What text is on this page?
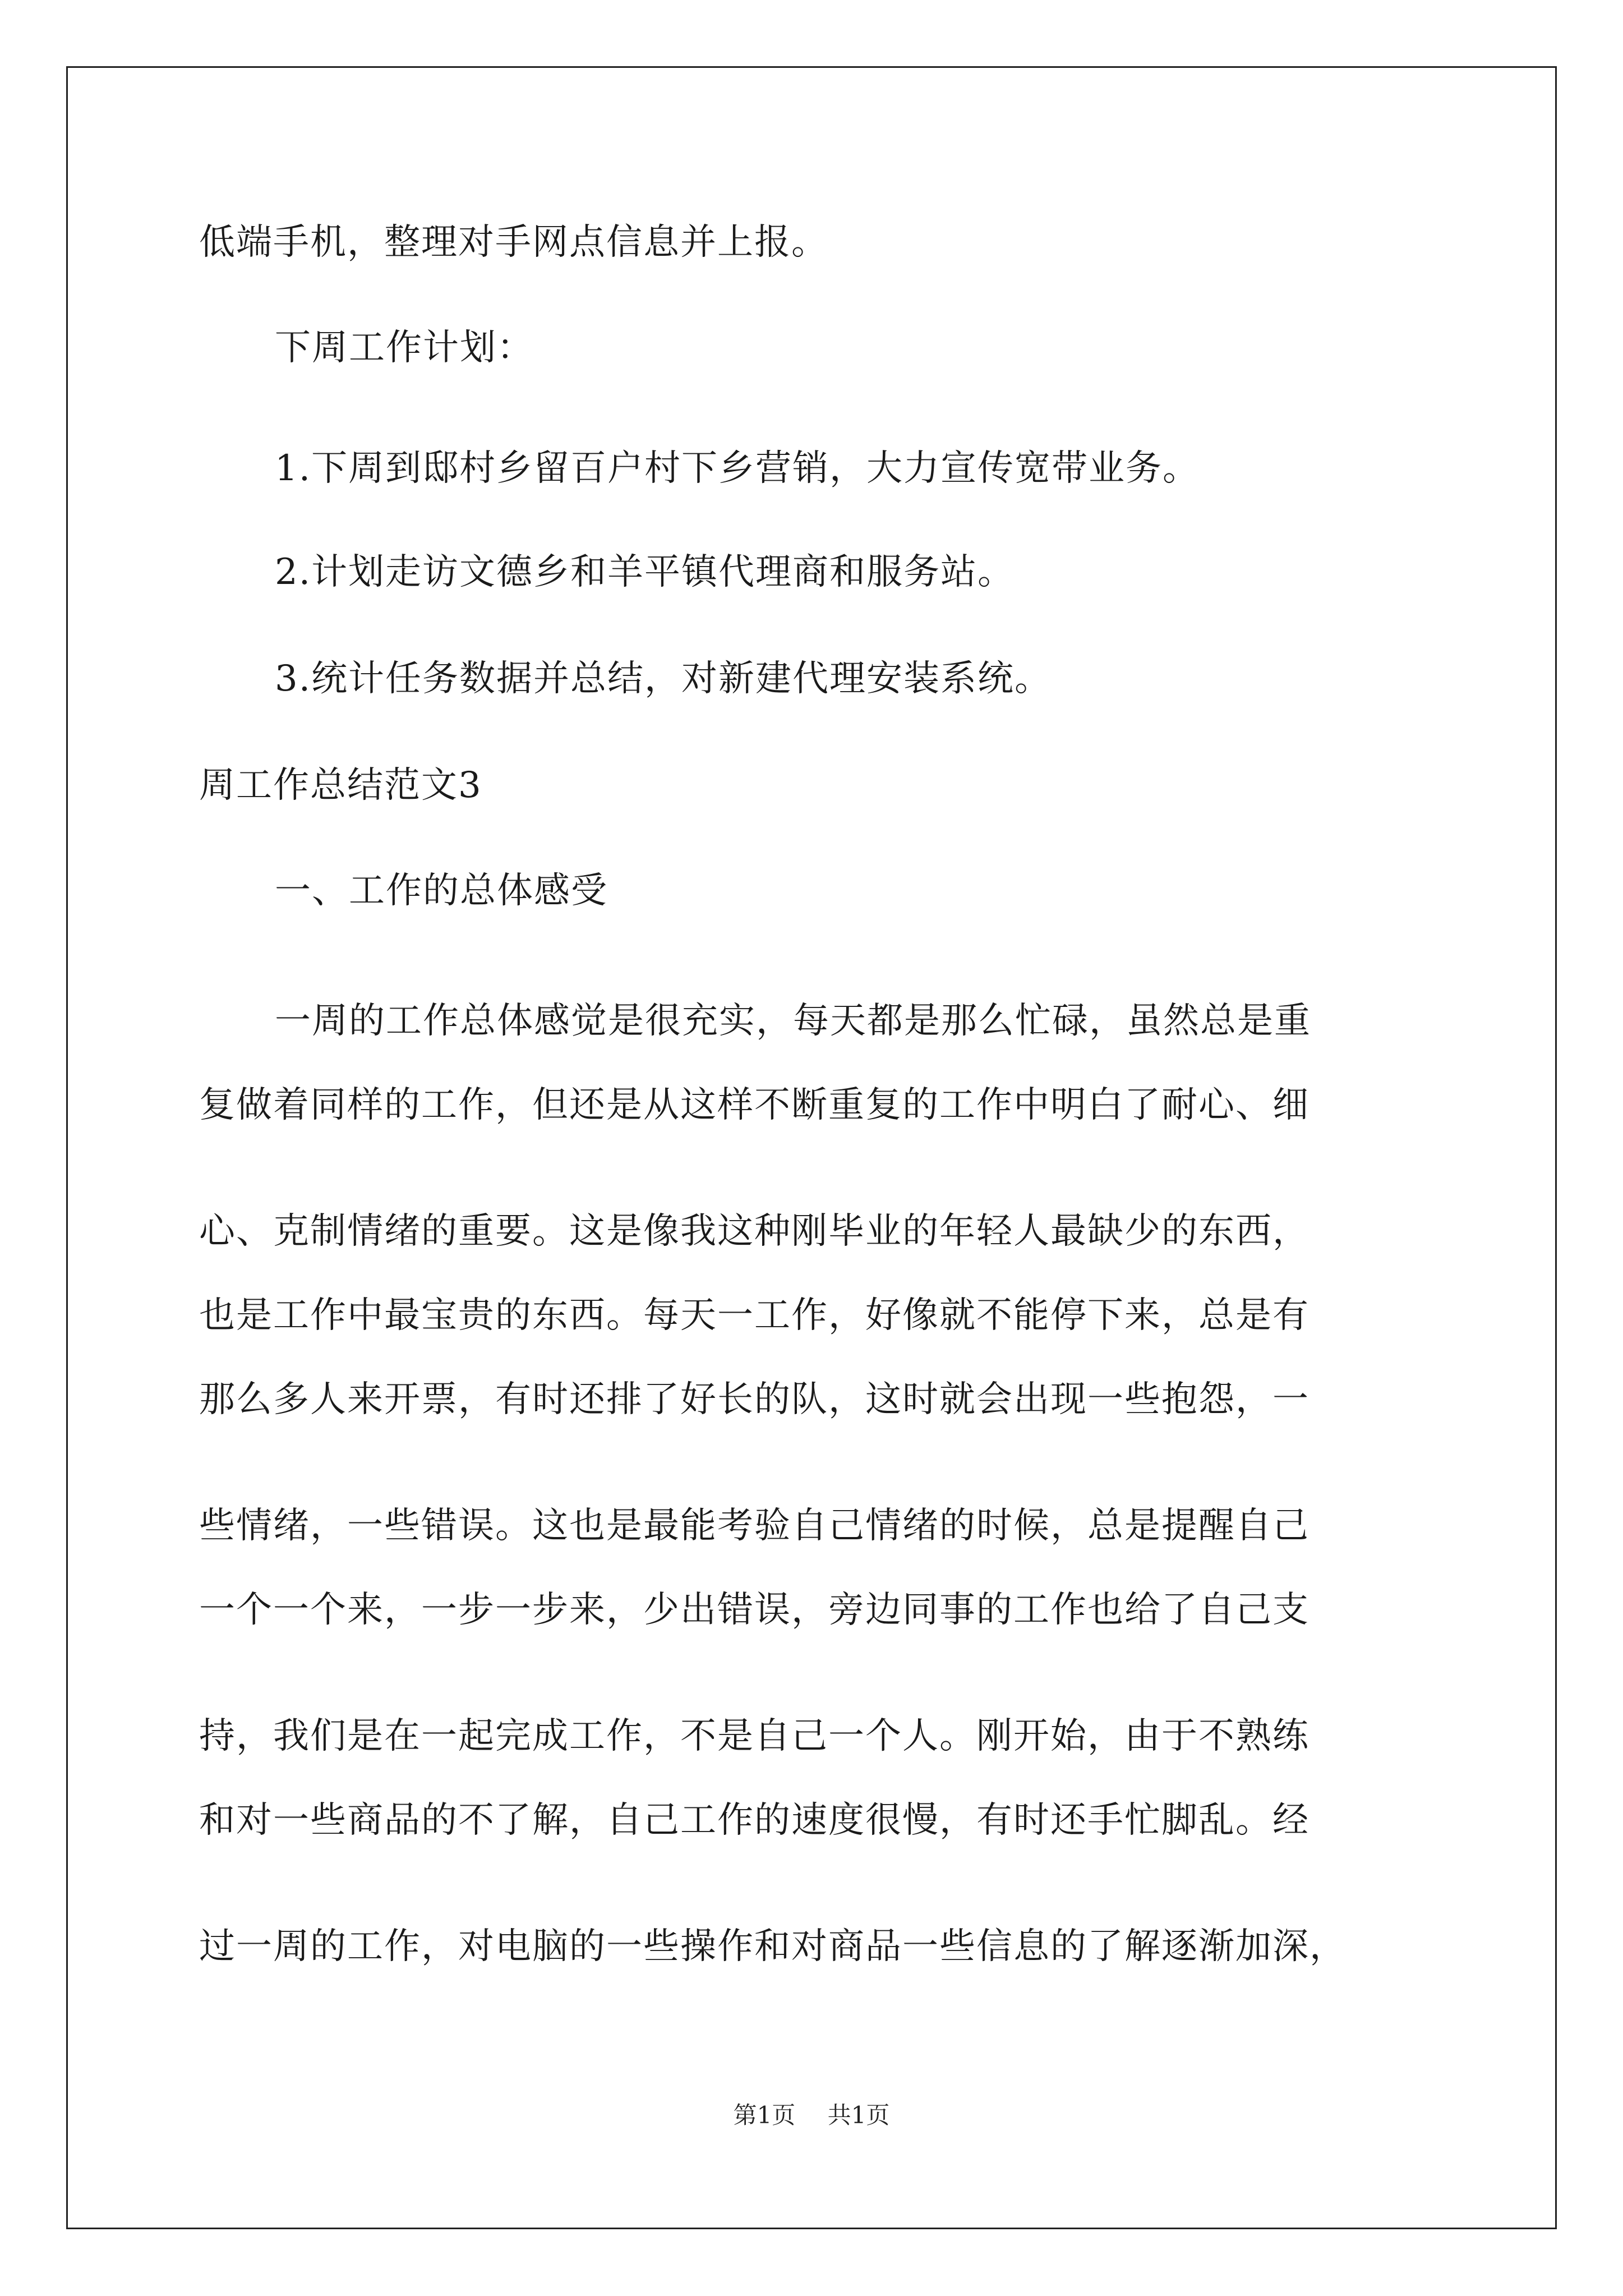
低端手机，整理对手网点信息并上报。
下周工作计划：
1.下周到邸村乡留百户村下乡营销，大力宣传宽带业务。
2.计划走访文德乡和羊平镇代理商和服务站。
3.统计任务数据并总结，对新建代理安装系统。
周工作总结范文3
一、工作的总体感受
一周的工作总体感觉是很充实，每天都是那么忙碌，虽然总是重
复做着同样的工作，但还是从这样不断重复的工作中明白了耐心、细
心、克制情绪的重要。这是像我这种刚毕业的年轻人最缺少的东西，
也是工作中最宝贵的东西。每天一工作，好像就不能停下来，总是有
那么多人来开票，有时还排了好长的队，这时就会出现一些抱怨，一
些情绪，一些错误。这也是最能考验自己情绪的时候，总是提醒自己
一个一个来，一步一步来，少出错误，旁边同事的工作也给了自己支
持，我们是在一起完成工作，不是自己一个人。刚开始，由于不熟练
和对一些商品的不了解，自己工作的速度很慢，有时还手忙脚乱。经
过一周的工作，对电脑的一些操作和对商品一些信息的了解逐渐加深，
第1页 共1页
